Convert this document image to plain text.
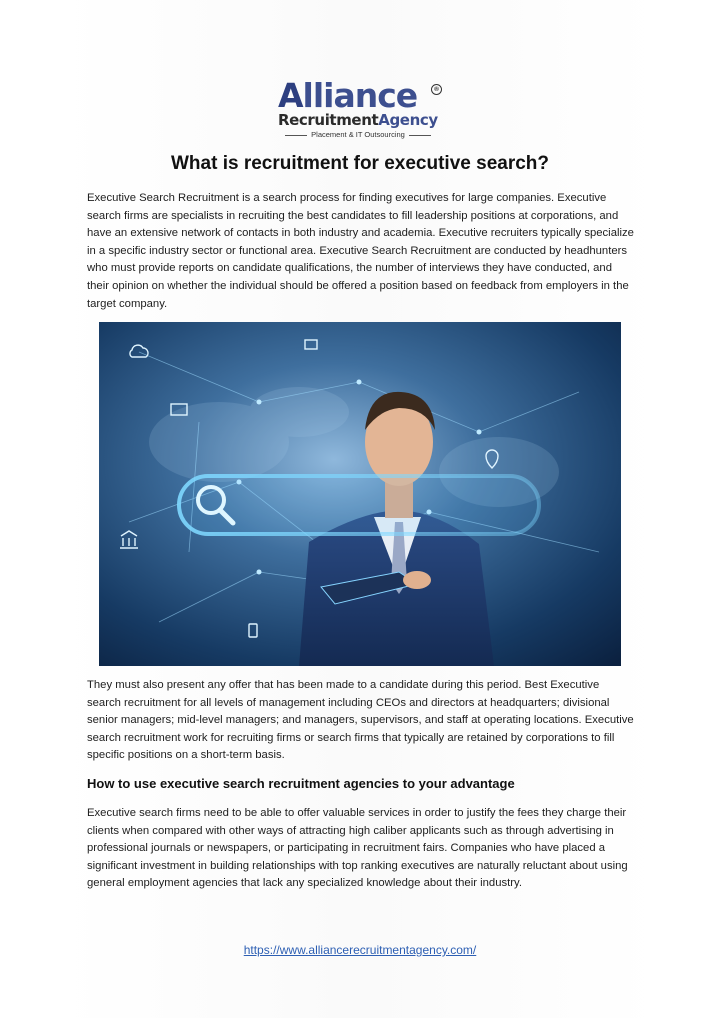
Alliance	®
RecruitmentAgency
Placement & IT Outsourcing
What is recruitment for executive search?

Executive Search Recruitment is a search process for finding executives for large companies. Executive search firms are specialists in recruiting the best candidates to fill leadership positions at corporations, and have an extensive network of contacts in both industry and academia. Executive recruiters typically specialize in a specific industry sector or functional area. Executive Search Recruitment are conducted by headhunters who must provide reports on candidate qualifications, the number of interviews they have conducted, and their opinion on whether the individual should be offered a position based on feedback from employers in the target company.

They must also present any offer that has been made to a candidate during this period. Best Executive search recruitment for all levels of management including CEOs and directors at headquarters; divisional senior managers; mid-level managers; and managers, supervisors, and staff at operating locations. Executive search recruitment work for recruiting firms or search firms that typically are retained by corporations to fill specific positions on a short-term basis.

How to use executive search recruitment agencies to your advantage

Executive search firms need to be able to offer valuable services in order to justify the fees they charge their clients when compared with other ways of attracting high caliber applicants such as through advertising in professional journals or newspapers, or participating in recruitment fairs. Companies who have placed a significant investment in building relationships with top ranking executives are naturally reluctant about using general employment agencies that lack any specialized knowledge about their industry.

https://www.alliancerecruitmentagency.com/
